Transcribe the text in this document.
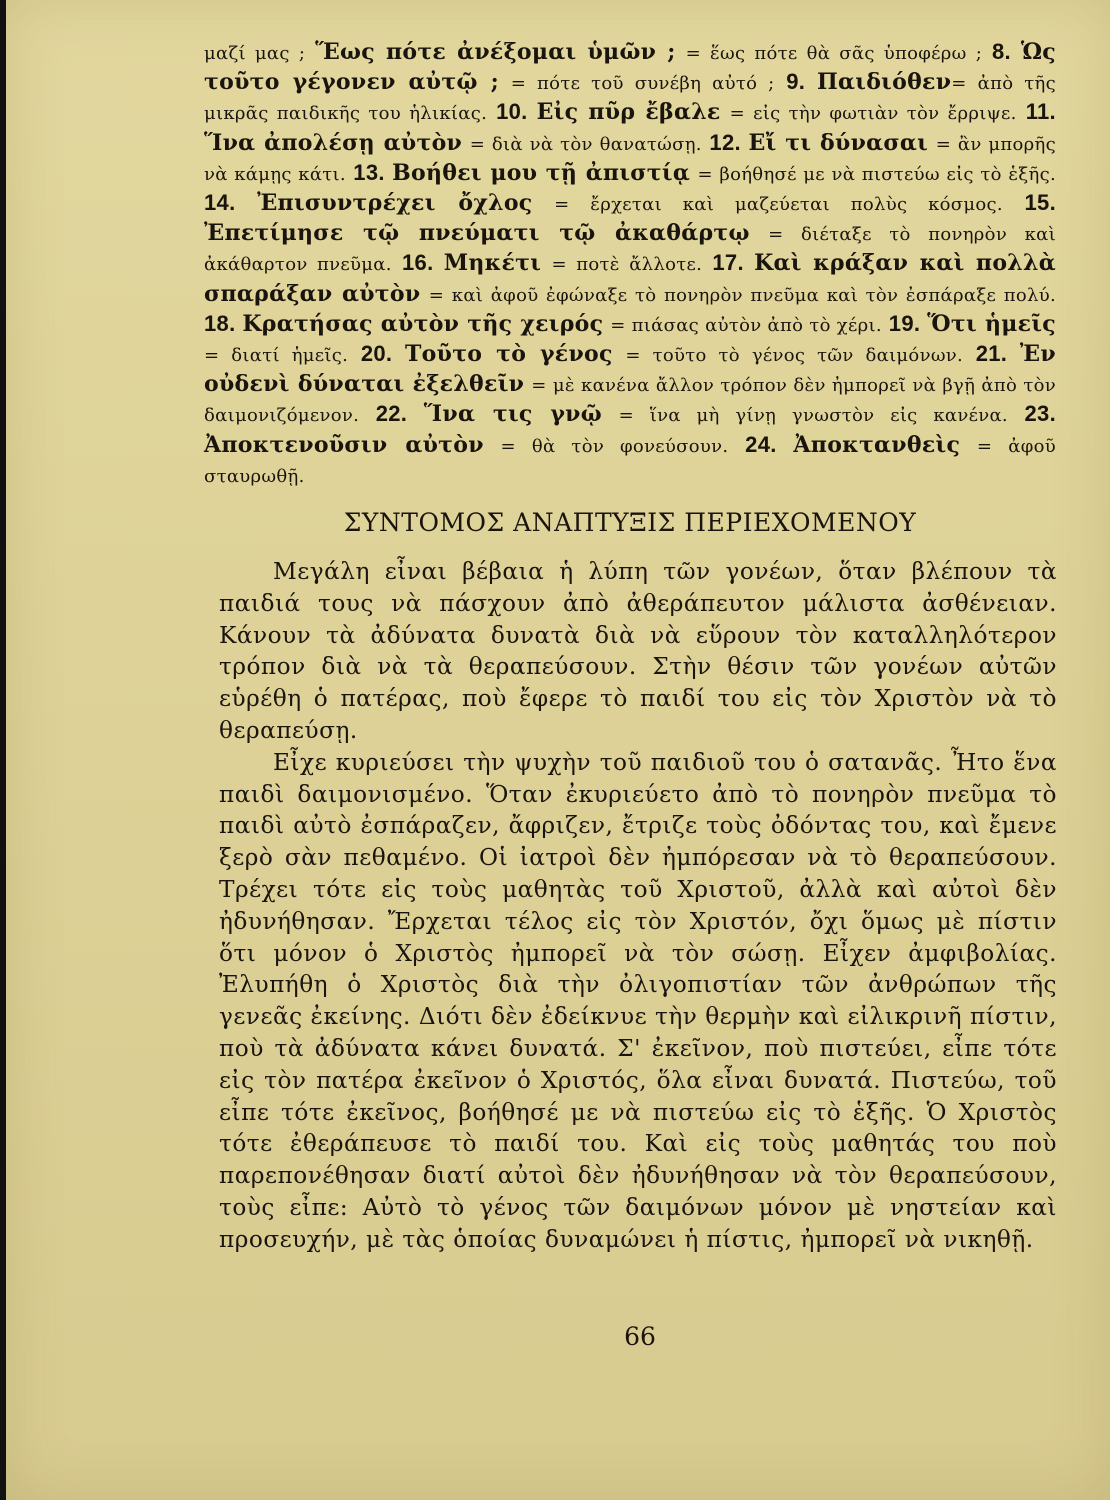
μαζί μας ; Ἕως πότε ἀνέξομαι ὑμῶν ; = ἕως πότε θὰ σᾶς ὑποφέρω ; 8. Ὡς τοῦτο γέγονεν αὐτῷ ; = πότε τοῦ συνέβη αὐτό ; 9. Παιδιόθεν= ἀπὸ τῆς μικρᾶς παιδικῆς του ἡλικίας. 10. Εἰς πῦρ ἔβαλε = εἰς τὴν φωτιὰν τὸν ἔρριψε. 11. Ἵνα ἀπολέσῃ αὐτὸν = διὰ νὰ τὸν θανατώσῃ. 12. Εἴ τι δύνασαι = ἂν μπορῆς νὰ κάμῃς κάτι. 13. Βοήθει μου τῇ ἀπιστίᾳ = βοήθησέ με νὰ πιστεύω εἰς τὸ ἑξῆς. 14. Ἐπισυντρέχει ὄχλος = ἔρχεται καὶ μαζεύεται πολὺς κόσμος. 15. Ἐπετίμησε τῷ πνεύματι τῷ ἀκαθάρτῳ = διέταξε τὸ πονηρὸν καὶ ἀκάθαρτον πνεῦμα. 16. Μηκέτι = ποτὲ ἄλλοτε. 17. Καὶ κράξαν καὶ πολλὰ σπαράξαν αὐτὸν = καὶ ἀφοῦ ἐφώναξε τὸ πονηρὸν πνεῦμα καὶ τὸν ἐσπάραξε πολύ. 18. Κρατήσας αὐτὸν τῆς χειρός = πιάσας αὐτὸν ἀπὸ τὸ χέρι. 19. Ὅτι ἡμεῖς = διατί ἡμεῖς. 20. Τοῦτο τὸ γένος = τοῦτο τὸ γένος τῶν δαιμόνων. 21. Ἐν οὐδενὶ δύναται ἐξελθεῖν = μὲ κανένα ἄλλον τρόπον δὲν ἠμπορεῖ νὰ βγῇ ἀπὸ τὸν δαιμονιζόμενον. 22. Ἵνα τις γνῷ = ἵνα μὴ γίνῃ γνωστὸν εἰς κανένα. 23. Ἀποκτενοῦσιν αὐτὸν = θὰ τὸν φονεύσουν. 24. Ἀποκτανθεὶς = ἀφοῦ σταυρωθῇ.
ΣΥΝΤΟΜΟΣ ΑΝΑΠΤΥΞΙΣ ΠΕΡΙΕΧΟΜΕΝΟΥ

Μεγάλη εἶναι βέβαια ἡ λύπη τῶν γονέων, ὅταν βλέπουν τὰ παιδιά τους νὰ πάσχουν ἀπὸ ἀθεράπευτον μάλιστα ἀσθένειαν. Κάνουν τὰ ἀδύνατα δυνατὰ διὰ νὰ εὕρουν τὸν καταλληλότερον τρόπον διὰ νὰ τὰ θεραπεύσουν. Στὴν θέσιν τῶν γονέων αὐτῶν εὑρέθη ὁ πατέρας, ποὺ ἔφερε τὸ παιδί του εἰς τὸν Χριστὸν νὰ τὸ θεραπεύσῃ.

Εἶχε κυριεύσει τὴν ψυχὴν τοῦ παιδιοῦ του ὁ σατανᾶς. Ἦτο ἕνα παιδὶ δαιμονισμένο. Ὅταν ἐκυριεύετο ἀπὸ τὸ πονηρὸν πνεῦμα τὸ παιδὶ αὐτὸ ἐσπάραζεν, ἄφριζεν, ἔτριζε τοὺς ὀδόντας του, καὶ ἔμενε ξερὸ σὰν πεθαμένο. Οἱ ἰατροὶ δὲν ἠμπόρεσαν νὰ τὸ θεραπεύσουν. Τρέχει τότε εἰς τοὺς μαθητὰς τοῦ Χριστοῦ, ἀλλὰ καὶ αὐτοὶ δὲν ἠδυνήθησαν. Ἔρχεται τέλος εἰς τὸν Χριστόν, ὄχι ὅμως μὲ πίστιν ὅτι μόνον ὁ Χριστὸς ἠμπορεῖ νὰ τὸν σώσῃ. Εἶχεν ἀμφιβολίας. Ἐλυπήθη ὁ Χριστὸς διὰ τὴν ὀλιγοπιστίαν τῶν ἀνθρώπων τῆς γενεᾶς ἐκείνης. Διότι δὲν ἐδείκνυε τὴν θερμὴν καὶ εἰλικρινῆ πίστιν, ποὺ τὰ ἀδύνατα κάνει δυνατά. Σ' ἐκεῖνον, ποὺ πιστεύει, εἶπε τότε εἰς τὸν πατέρα ἐκεῖνον ὁ Χριστός, ὅλα εἶναι δυνατά. Πιστεύω, τοῦ εἶπε τότε ἐκεῖνος, βοήθησέ με νὰ πιστεύω εἰς τὸ ἑξῆς. Ὁ Χριστὸς τότε ἐθεράπευσε τὸ παιδί του. Καὶ εἰς τοὺς μαθητάς του ποὺ παρεπονέθησαν διατί αὐτοὶ δὲν ἠδυνήθησαν νὰ τὸν θεραπεύσουν, τοὺς εἶπε: Αὐτὸ τὸ γένος τῶν δαιμόνων μόνον μὲ νηστείαν καὶ προσευχήν, μὲ τὰς ὁποίας δυναμώνει ἡ πίστις, ἠμπορεῖ νὰ νικηθῇ.

66
